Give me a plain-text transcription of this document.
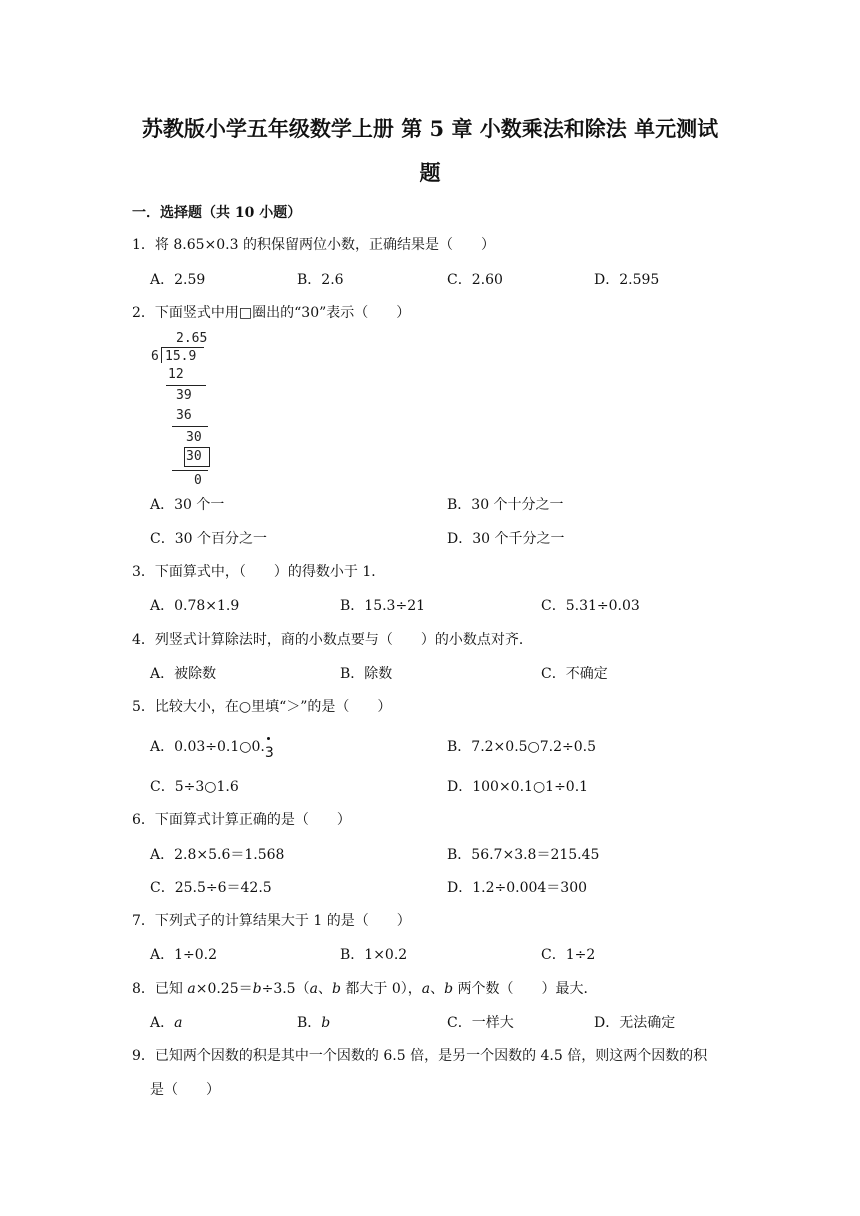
苏教版小学五年级数学上册 第 5 章 小数乘法和除法 单元测试
题
一．选择题（共 10 小题）
1．将 8.65×0.3 的积保留两位小数，正确结果是（　　）
A．2.59	B．2.6	C．2.60	D．2.595
2．下面竖式中用□圈出的“30”表示（　　）
2.65
6 15.9
12
39
36
30
30
0
A．30 个一	B．30 个十分之一
C．30 个百分之一	D．30 个千分之一
3．下面算式中，（　　）的得数小于 1．
A．0.78×1.9	B．15.3÷21	C．5.31÷0.03
4．列竖式计算除法时，商的小数点要与（　　）的小数点对齐．
A．被除数	B．除数	C．不确定
5．比较大小，在○里填“＞”的是（　　）
A．0.03÷0.1○0.
3	B．7.2×0.5○7.2÷0.5
C．5÷3○1.6	D．100×0.1○1÷0.1
6．下面算式计算正确的是（　　）
A．2.8×5.6＝1.568	B．56.7×3.8＝215.45
C．25.5÷6＝42.5	D．1.2÷0.004＝300
7．下列式子的计算结果大于 1 的是（　　）
A．1÷0.2	B．1×0.2	C．1÷2
8．已知 a×0.25＝b÷3.5（a、b 都大于 0），a、b 两个数（　　）最大．
A．a	B．b	C．一样大	D．无法确定
9．已知两个因数的积是其中一个因数的 6.5 倍，是另一个因数的 4.5 倍，则这两个因数的积
是（　　）
